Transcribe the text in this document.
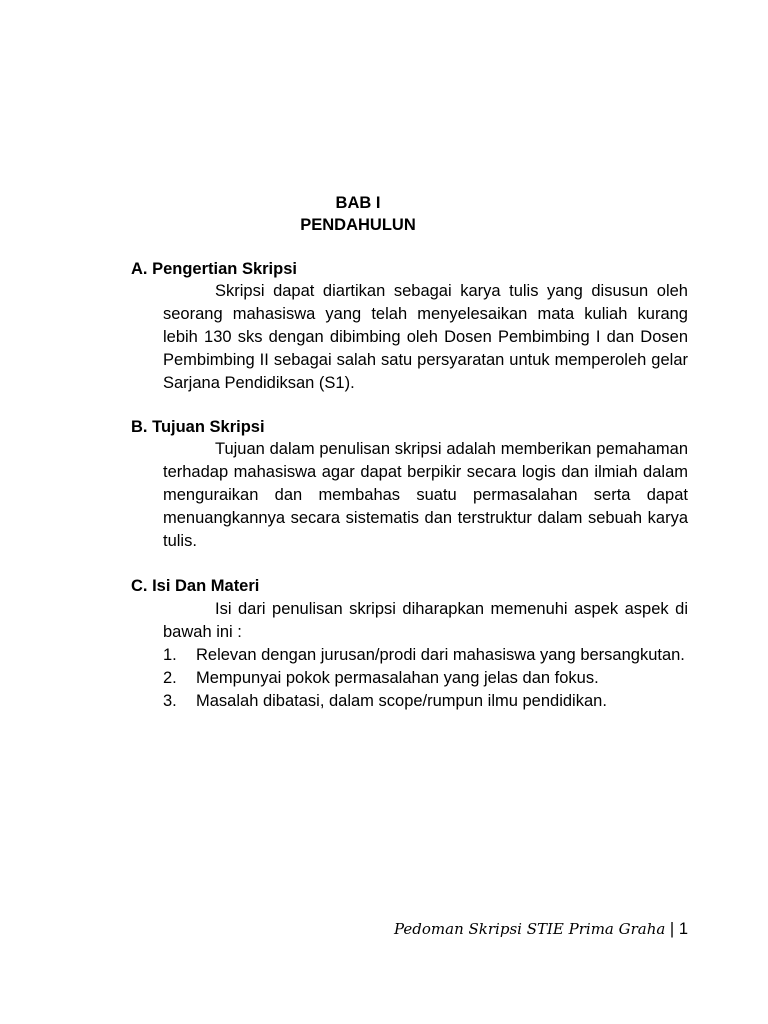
BAB I
PENDAHULUN
A. Pengertian Skripsi
Skripsi dapat diartikan sebagai karya tulis yang disusun oleh seorang mahasiswa yang telah menyelesaikan mata kuliah kurang lebih 130 sks dengan dibimbing oleh Dosen Pembimbing I dan Dosen Pembimbing II sebagai salah satu persyaratan untuk memperoleh gelar Sarjana Pendidiksan (S1).
B. Tujuan Skripsi
Tujuan dalam penulisan skripsi adalah memberikan pemahaman terhadap mahasiswa agar dapat berpikir secara logis dan ilmiah dalam menguraikan dan membahas suatu permasalahan serta dapat menuangkannya secara sistematis dan terstruktur dalam sebuah karya tulis.
C. Isi Dan Materi
Isi dari penulisan skripsi diharapkan memenuhi aspek aspek di bawah ini :
1. Relevan dengan jurusan/prodi dari mahasiswa yang bersangkutan.
2. Mempunyai pokok permasalahan yang jelas dan fokus.
3. Masalah dibatasi, dalam scope/rumpun ilmu pendidikan.
Pedoman Skripsi STIE Prima Graha | 1
